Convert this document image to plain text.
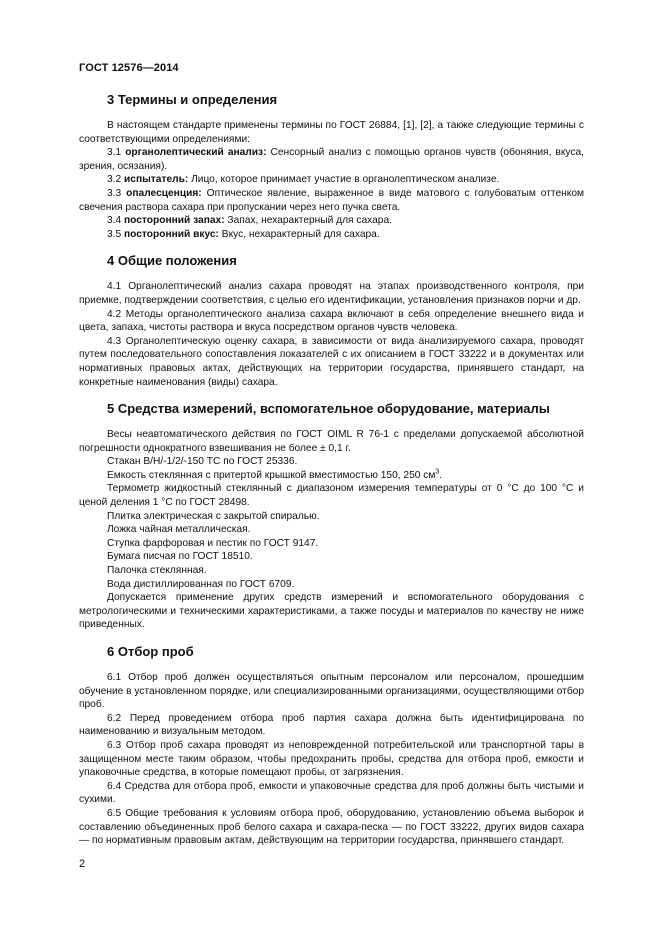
ГОСТ 12576—2014
3 Термины и определения

В настоящем стандарте применены термины по ГОСТ 26884, [1], [2], а также следующие термины с соответствующими определениями:

3.1 органолептический анализ: Сенсорный анализ с помощью органов чувств (обоняния, вкуса, зрения, осязания).

3.2 испытатель: Лицо, которое принимает участие в органолептическом анализе.

3.3 опалесценция: Оптическое явление, выраженное в виде матового с голубоватым оттенком свечения раствора сахара при пропускании через него пучка света.

3.4 посторонний запах: Запах, нехарактерный для сахара.

3.5 посторонний вкус: Вкус, нехарактерный для сахара.

4 Общие положения

4.1 Органолептический анализ сахара проводят на этапах производственного контроля, при приемке, подтверждении соответствия, с целью его идентификации, установления признаков порчи и др.

4.2 Методы органолептического анализа сахара включают в себя определение внешнего вида и цвета, запаха, чистоты раствора и вкуса посредством органов чувств человека.

4.3 Органолептическую оценку сахара, в зависимости от вида анализируемого сахара, проводят путем последовательного сопоставления показателей с их описанием в ГОСТ 33222 и в документах или нормативных правовых актах, действующих на территории государства, принявшего стандарт, на конкретные наименования (виды) сахара.

5 Средства измерений, вспомогательное оборудование, материалы

Весы неавтоматического действия по ГОСТ OIML R 76-1 с пределами допускаемой абсолютной погрешности однократного взвешивания не более ± 0,1 г.

Стакан В/Н/-1/2/-150 ТС по ГОСТ 25336.

Емкость стеклянная с притертой крышкой вместимостью 150, 250 $см^3$.

Термометр жидкостный стеклянный с диапазоном измерения температуры от 0 °С до 100 °С и ценой деления 1 °С по ГОСТ 28498.

Плитка электрическая с закрытой спиралью.

Ложка чайная металлическая.

Ступка фарфоровая и пестик по ГОСТ 9147.

Бумага писчая по ГОСТ 18510.

Палочка стеклянная.

Вода дистиллированная по ГОСТ 6709.

Допускается применение других средств измерений и вспомогательного оборудования с метрологическими и техническими характеристиками, а также посуды и материалов по качеству не ниже приведенных.

6 Отбор проб

6.1 Отбор проб должен осуществляться опытным персоналом или персоналом, прошедшим обучение в установленном порядке, или специализированными организациями, осуществляющими отбор проб.

6.2 Перед проведением отбора проб партия сахара должна быть идентифицирована по наименованию и визуальным методом.

6.3 Отбор проб сахара проводят из неповрежденной потребительской или транспортной тары в защищенном месте таким образом, чтобы предохранить пробы, средства для отбора проб, емкости и упаковочные средства, в которые помещают пробы, от загрязнения.

6.4 Средства для отбора проб, емкости и упаковочные средства для проб должны быть чистыми и сухими.

6.5 Общие требования к условиям отбора проб, оборудованию, установлению объема выборок и составлению объединенных проб белого сахара и сахара-песка — по ГОСТ 33222, других видов сахара — по нормативным правовым актам, действующим на территории государства, принявшего стандарт.

2
